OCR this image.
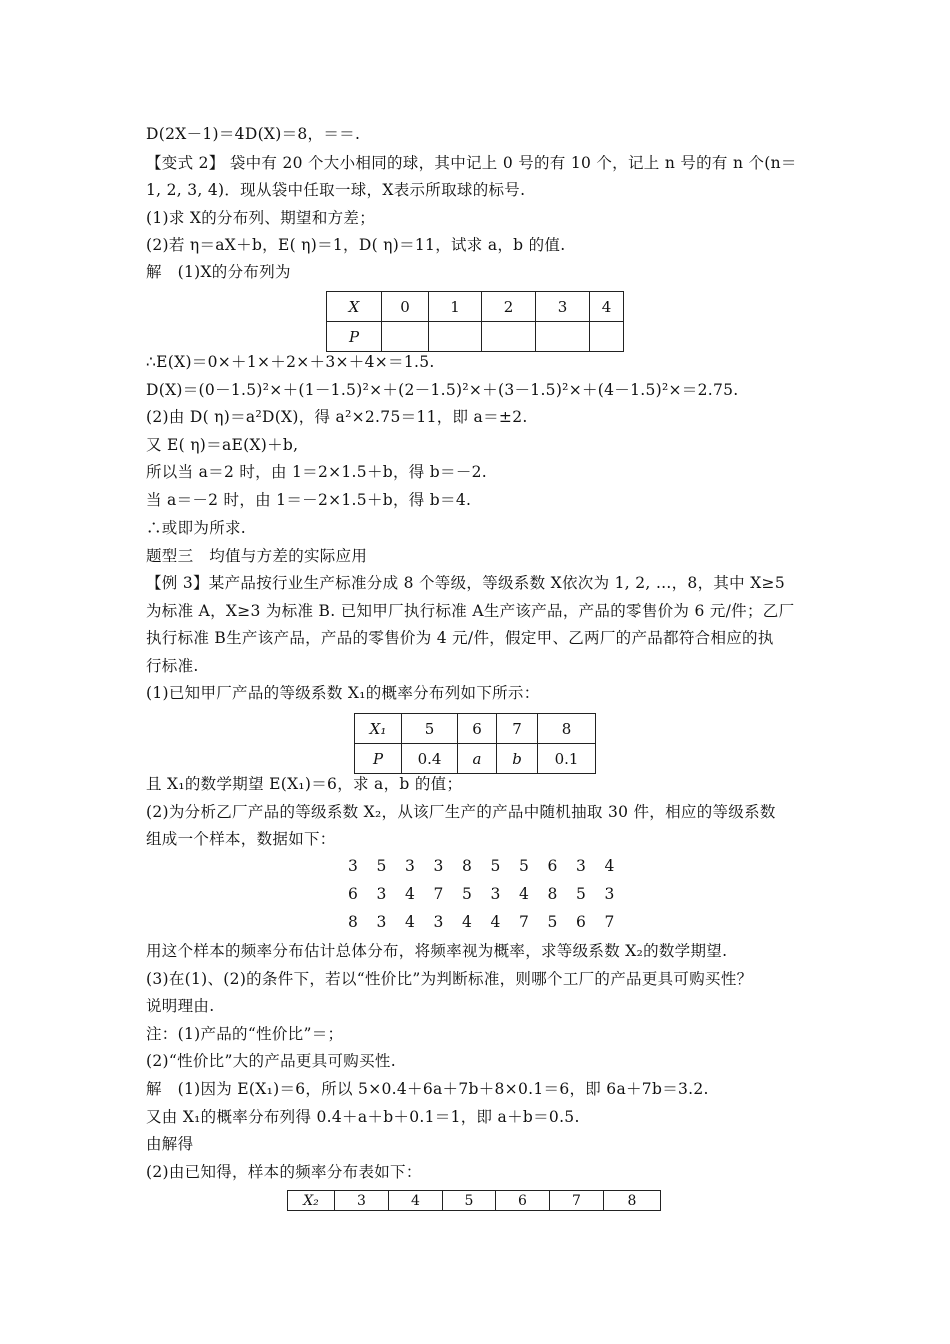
D(2X－1)＝4D(X)＝8，＝＝.
【变式 2】 袋中有 20 个大小相同的球，其中记上 0 号的有 10 个，记上 n 号的有 n 个(n＝
1, 2, 3, 4)．现从袋中任取一球，X表示所取球的标号.
(1)求 X的分布列、期望和方差；
(2)若 η＝aX＋b，E( η)＝1，D( η)＝11，试求 a，b 的值.
解　(1)X的分布列为
X	0	1	2	3	4
P					
∴E(X)＝0×＋1×＋2×＋3×＋4×＝1.5.
D(X)＝(0－1.5)²×＋(1－1.5)²×＋(2－1.5)²×＋(3－1.5)²×＋(4－1.5)²×＝2.75.
(2)由 D( η)＝a²D(X)，得 a²×2.75＝11，即 a＝±2.
又 E( η)＝aE(X)＋b,
所以当 a＝2 时，由 1＝2×1.5＋b，得 b＝－2.
当 a＝－2 时，由 1＝－2×1.5＋b，得 b＝4.
∴或即为所求.
题型三　均值与方差的实际应用
【例 3】某产品按行业生产标准分成 8 个等级，等级系数 X依次为 1, 2, …，8，其中 X≥5
为标准 A，X≥3 为标准 B. 已知甲厂执行标准 A生产该产品，产品的零售价为 6 元/件；乙厂
执行标准 B生产该产品，产品的零售价为 4 元/件，假定甲、乙两厂的产品都符合相应的执
行标准.
(1)已知甲厂产品的等级系数 X₁的概率分布列如下所示：
X₁	5	6	7	8
P	0.4	a	b	0.1
且 X₁的数学期望 E(X₁)＝6，求 a，b 的值；
(2)为分析乙厂产品的等级系数 X₂，从该厂生产的产品中随机抽取 30 件，相应的等级系数
组成一个样本，数据如下：
3 5 3 3 8 5 5 6 3 4
6 3 4 7 5 3 4 8 5 3
8 3 4 3 4 4 7 5 6 7
用这个样本的频率分布估计总体分布，将频率视为概率，求等级系数 X₂的数学期望.
(3)在(1)、(2)的条件下，若以“性价比”为判断标准，则哪个工厂的产品更具可购买性？
说明理由.
注：(1)产品的“性价比”＝；
(2)“性价比”大的产品更具可购买性.
解　(1)因为 E(X₁)＝6，所以 5×0.4＋6a＋7b＋8×0.1＝6，即 6a＋7b＝3.2.
又由 X₁的概率分布列得 0.4＋a＋b＋0.1＝1，即 a＋b＝0.5.
由解得
(2)由已知得，样本的频率分布表如下：
X₂	3	4	5	6	7	8
